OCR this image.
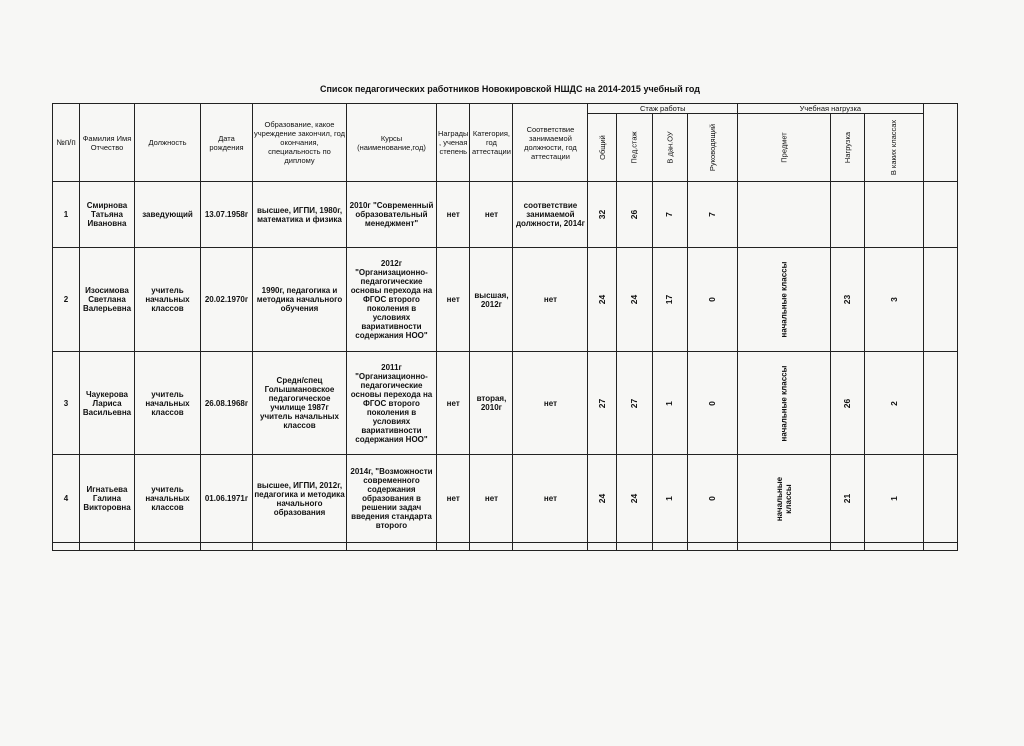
Список педагогических работников Новокировской НШДС на 2014-2015 учебный год
№п/п	Фамилия Имя Отчество	Должность	Дата рождения	Образование, какое учреждение закончил, год окончания, специальность по диплому	Курсы (наименование,год)	Награды , ученая степень	Категория, год аттестации	Соответствие занимаемой должности, год аттестации	Стаж работы				Учебная нагрузка			
									Общий	Пед.стаж	В дан.ОУ	Руководящий	Предмет	Нагрузка	В каких классах	
1	Смирнова Татьяна Ивановна	заведующий	13.07.1958г	высшее, ИГПИ, 1980г, математика и физика	2010г "Современный образовательный менеджмент"	нет	нет	соответствие занимаемой должности, 2014г	32	26	7	7				
2	Изосимова Светлана Валерьевна	учитель начальных классов	20.02.1970г	1990г, педагогика и методика начального обучения	2012г "Организационно-педагогические основы перехода на ФГОС второго поколения в условиях вариативности содержания НОО"	нет	высшая, 2012г	нет	24	24	17	0	начальные классы	23	3	
3	Чаукерова Лариса Васильевна	учитель начальных классов	26.08.1968г	Средн/спец Голышмановское педагогическое училище 1987г учитель начальных классов	2011г "Организационно-педагогические основы перехода на ФГОС второго поколения в условиях вариативности содержания НОО"	нет	вторая, 2010г	нет	27	27	1	0	начальные классы	26	2	
4	Игнатьева Галина Викторовна	учитель начальных классов	01.06.1971г	высшее, ИГПИ, 2012г, педагогика и методика начального образования	2014г, "Возможности современного содержания образования в решении задач введения стандарта второго	нет	нет	нет	24	24	1	0	начальные классы	21	1	
